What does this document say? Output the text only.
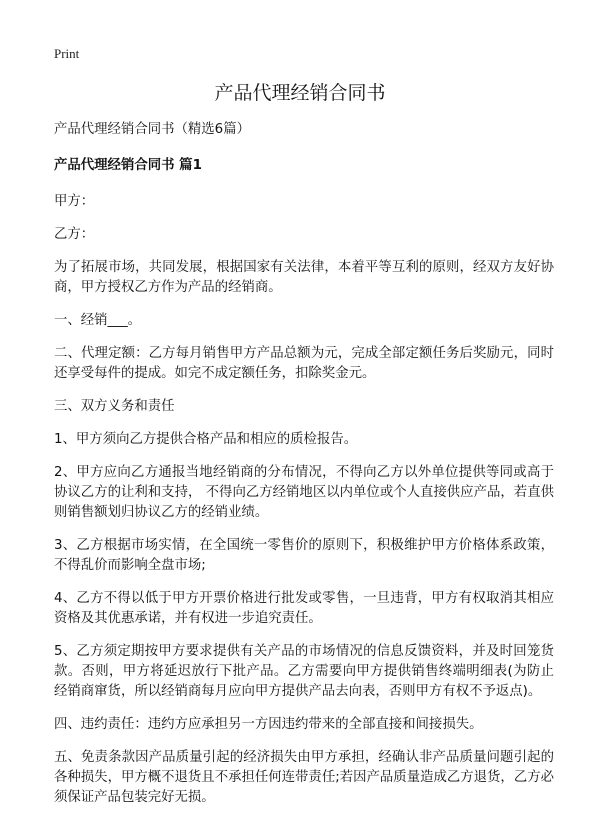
Print
产品代理经销合同书

产品代理经销合同书（精选6篇）

产品代理经销合同书 篇1

甲方：

乙方：

为了拓展市场，共同发展，根据国家有关法律，本着平等互利的原则，经双方友好协商，甲方授权乙方作为产品的经销商。

一、经销___。

二、代理定额：乙方每月销售甲方产品总额为元，完成全部定额任务后奖励元，同时还享受每件的提成。如完不成定额任务，扣除奖金元。

三、双方义务和责任

1、甲方须向乙方提供合格产品和相应的质检报告。

2、甲方应向乙方通报当地经销商的分布情况，不得向乙方以外单位提供等同或高于协议乙方的让利和支持， 不得向乙方经销地区以内单位或个人直接供应产品，若直供则销售额划归协议乙方的经销业绩。

3、乙方根据市场实情，在全国统一零售价的原则下，积极维护甲方价格体系政策，不得乱价而影响全盘市场;

4、乙方不得以低于甲方开票价格进行批发或零售，一旦违背，甲方有权取消其相应资格及其优惠承诺，并有权进一步追究责任。

5、乙方须定期按甲方要求提供有关产品的市场情况的信息反馈资料，并及时回笼货款。否则，甲方将延迟放行下批产品。乙方需要向甲方提供销售终端明细表(为防止经销商窜货，所以经销商每月应向甲方提供产品去向表，否则甲方有权不予返点)。

四、违约责任：违约方应承担另一方因违约带来的全部直接和间接损失。

五、免责条款因产品质量引起的经济损失由甲方承担，经确认非产品质量问题引起的各种损失，甲方概不退货且不承担任何连带责任;若因产品质量造成乙方退货，乙方必须保证产品包装完好无损。
